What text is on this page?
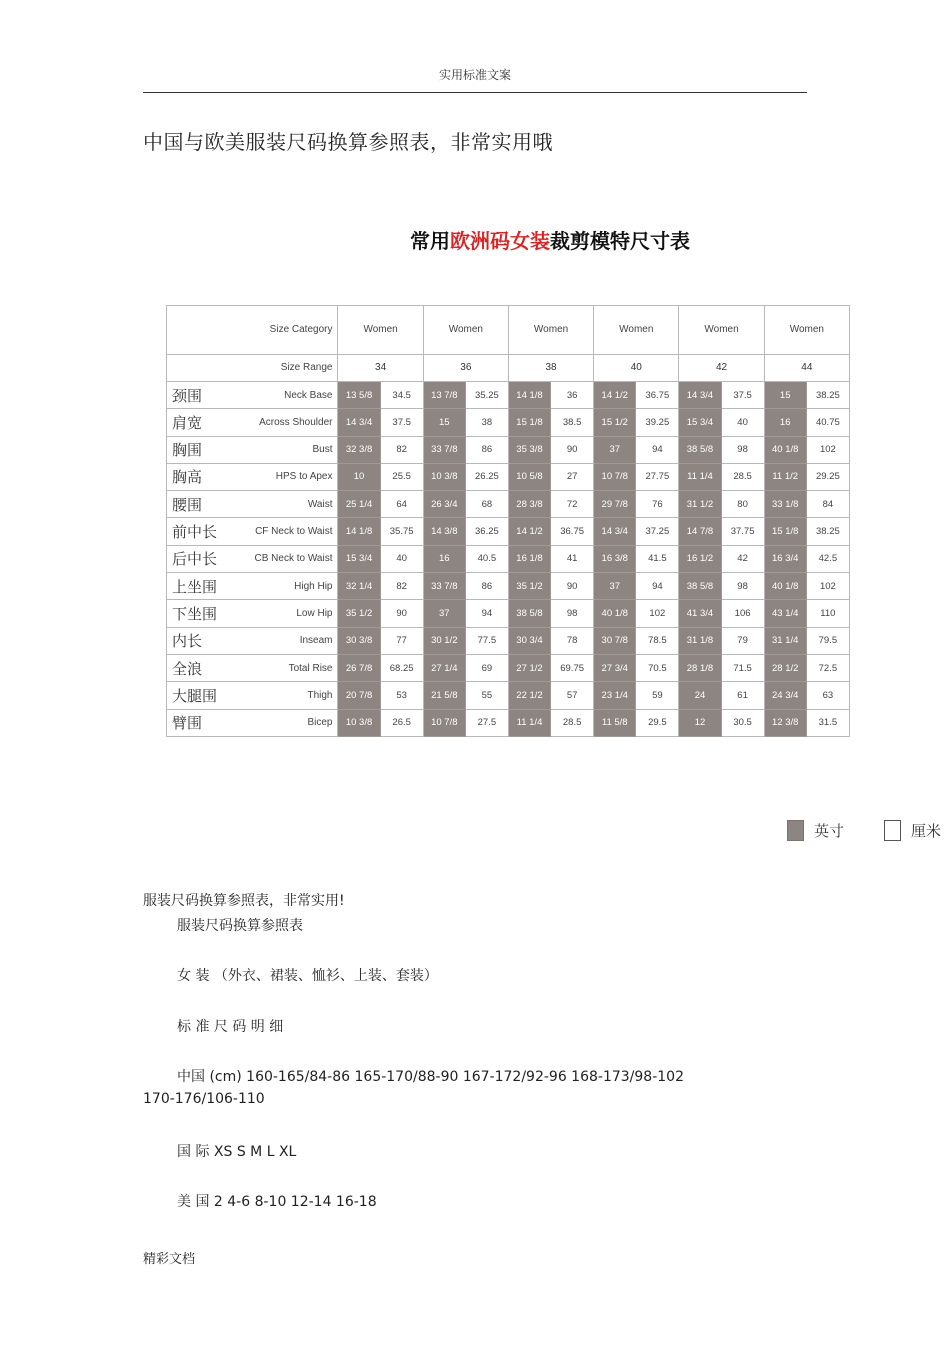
实用标准文案
中国与欧美服装尺码换算参照表，非常实用哦
常用欧洲码女装裁剪模特尺寸表
Size Category		Women		Women		Women		Women		Women		Women	
Size Range		34		36		38		40		42		44	
颈围	Neck Base	13 5/8	34.5	13 7/8	35.25	14 1/8	36	14 1/2	36.75	14 3/4	37.5	15	38.25
肩宽	Across Shoulder	14 3/4	37.5	15	38	15 1/8	38.5	15 1/2	39.25	15 3/4	40	16	40.75
胸围	Bust	32 3/8	82	33 7/8	86	35 3/8	90	37	94	38 5/8	98	40 1/8	102
胸高	HPS to Apex	10	25.5	10 3/8	26.25	10 5/8	27	10 7/8	27.75	11 1/4	28.5	11 1/2	29.25
腰围	Waist	25 1/4	64	26 3/4	68	28 3/8	72	29 7/8	76	31 1/2	80	33 1/8	84
前中长	CF Neck to Waist	14 1/8	35.75	14 3/8	36.25	14 1/2	36.75	14 3/4	37.25	14 7/8	37.75	15 1/8	38.25
后中长	CB Neck to Waist	15 3/4	40	16	40.5	16 1/8	41	16 3/8	41.5	16 1/2	42	16 3/4	42.5
上坐围	High Hip	32 1/4	82	33 7/8	86	35 1/2	90	37	94	38 5/8	98	40 1/8	102
下坐围	Low Hip	35 1/2	90	37	94	38 5/8	98	40 1/8	102	41 3/4	106	43 1/4	110
内长	Inseam	30 3/8	77	30 1/2	77.5	30 3/4	78	30 7/8	78.5	31 1/8	79	31 1/4	79.5
全浪	Total Rise	26 7/8	68.25	27 1/4	69	27 1/2	69.75	27 3/4	70.5	28 1/8	71.5	28 1/2	72.5
大腿围	Thigh	20 7/8	53	21 5/8	55	22 1/2	57	23 1/4	59	24	61	24 3/4	63
臂围	Bicep	10 3/8	26.5	10 7/8	27.5	11 1/4	28.5	11 5/8	29.5	12	30.5	12 3/8	31.5
英寸	厘米
服装尺码换算参照表，非常实用!
服装尺码换算参照表
女 装 （外衣、裙装、恤衫、上装、套装）
标 准 尺 码 明 细
中国 (cm) 160-165/84-86 165-170/88-90 167-172/92-96 168-173/98-102
170-176/106-110
国 际 XS S M L XL
美 国 2 4-6 8-10 12-14 16-18
精彩文档
